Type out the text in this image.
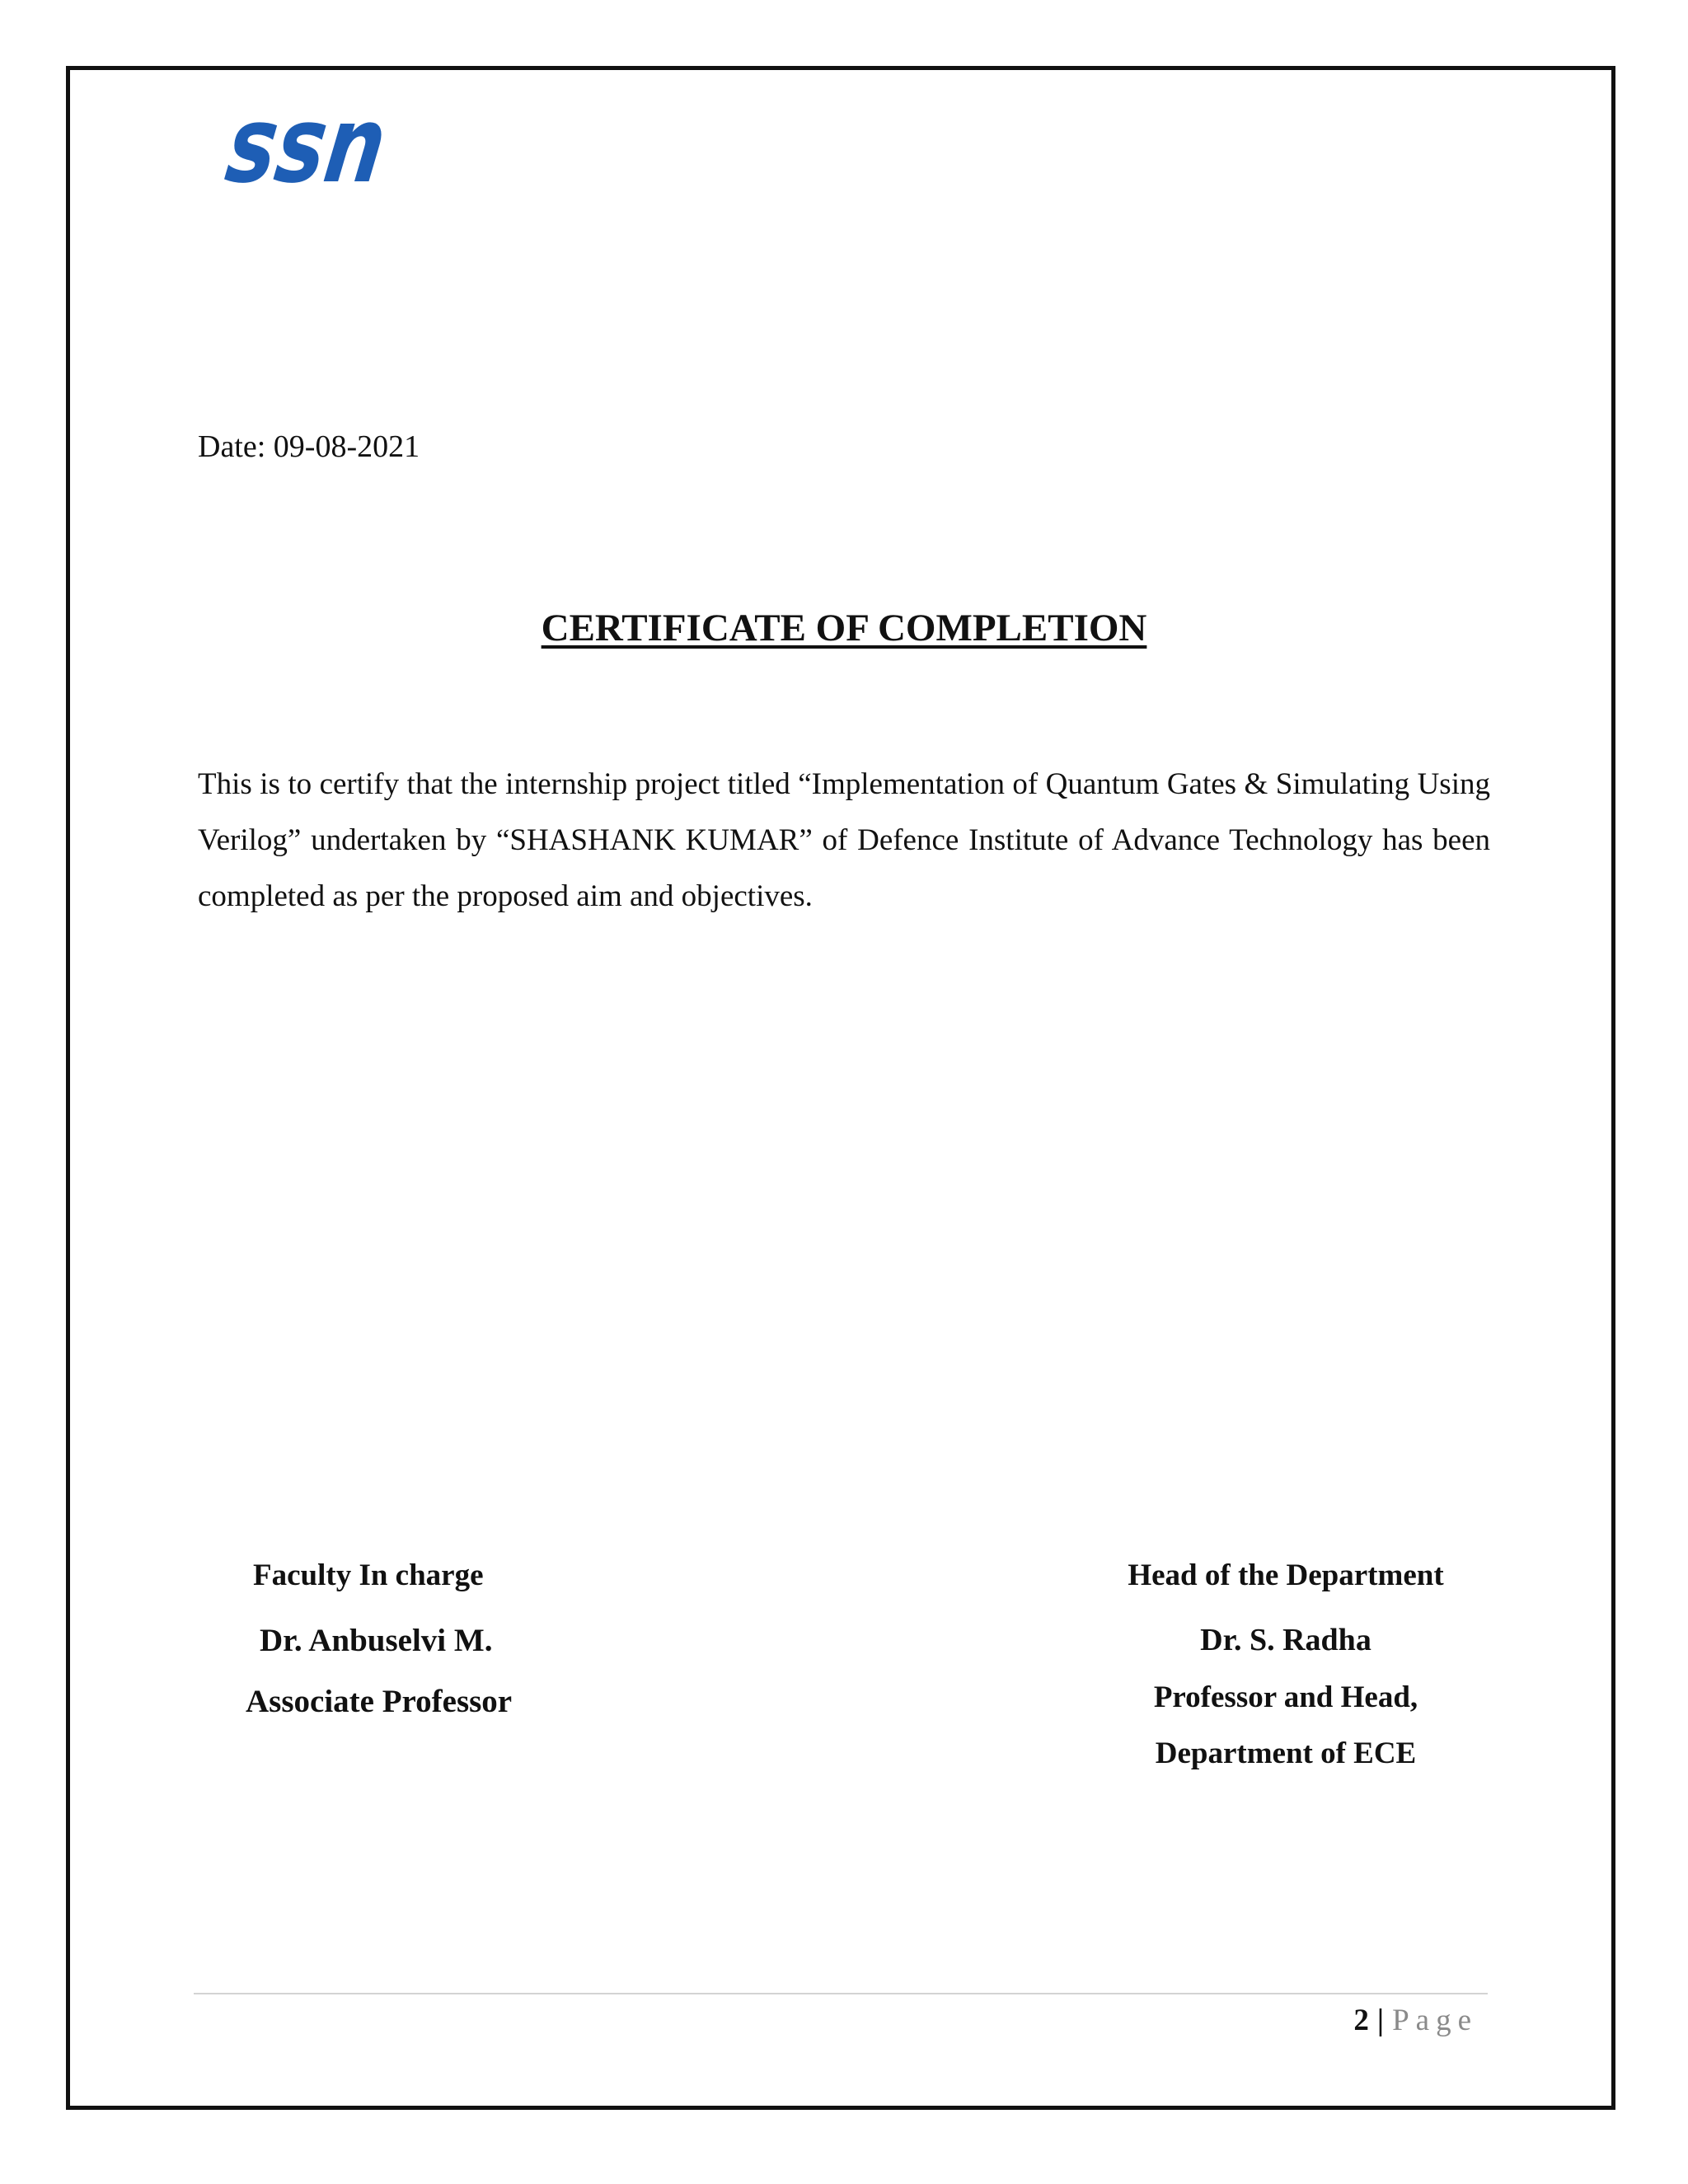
ssn
Date: 09-08-2021
CERTIFICATE OF COMPLETION
This is to certify that the internship project titled “Implementation of Quantum Gates & Simulating Using Verilog” undertaken by “SHASHANK KUMAR” of Defence Institute of Advance Technology has been completed as per the proposed aim and objectives.
Faculty In charge
Dr. Anbuselvi M.
Associate Professor
Head of the Department
Dr. S. Radha
Professor and Head,
Department of ECE
2 | Page
